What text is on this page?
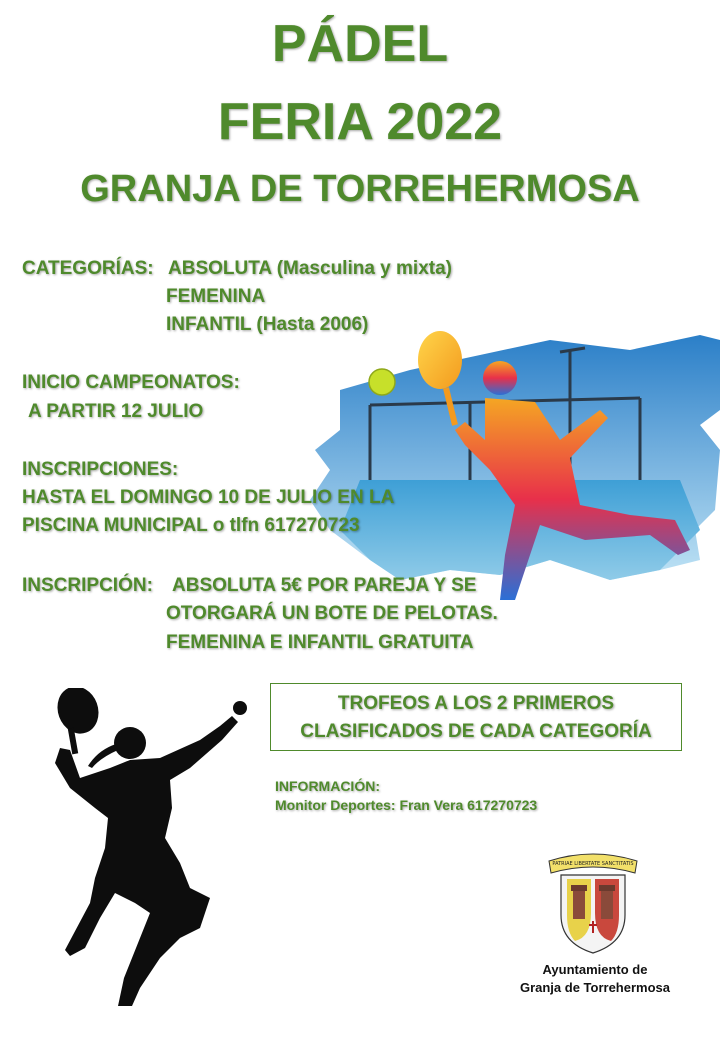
PÁDEL
FERIA 2022
GRANJA DE TORREHERMOSA
CATEGORÍAS: ABSOLUTA (Masculina y mixta)
FEMENINA
INFANTIL (Hasta 2006)
INICIO CAMPEONATOS:
A PARTIR 12 JULIO
INSCRIPCIONES:
HASTA EL DOMINGO 10 DE JULIO EN LA
PISCINA MUNICIPAL o tlfn 617270723
INSCRIPCIÓN: ABSOLUTA 5€ POR PAREJA Y SE
OTORGARÁ UN BOTE DE PELOTAS.
FEMENINA E INFANTIL GRATUITA
TROFEOS A LOS 2 PRIMEROS
CLASIFICADOS DE CADA CATEGORÍA
INFORMACIÓN:
Monitor Deportes: Fran Vera 617270723
PATRIAE LIBERTATE SANCTITATIS
Ayuntamiento de
Granja de Torrehermosa
